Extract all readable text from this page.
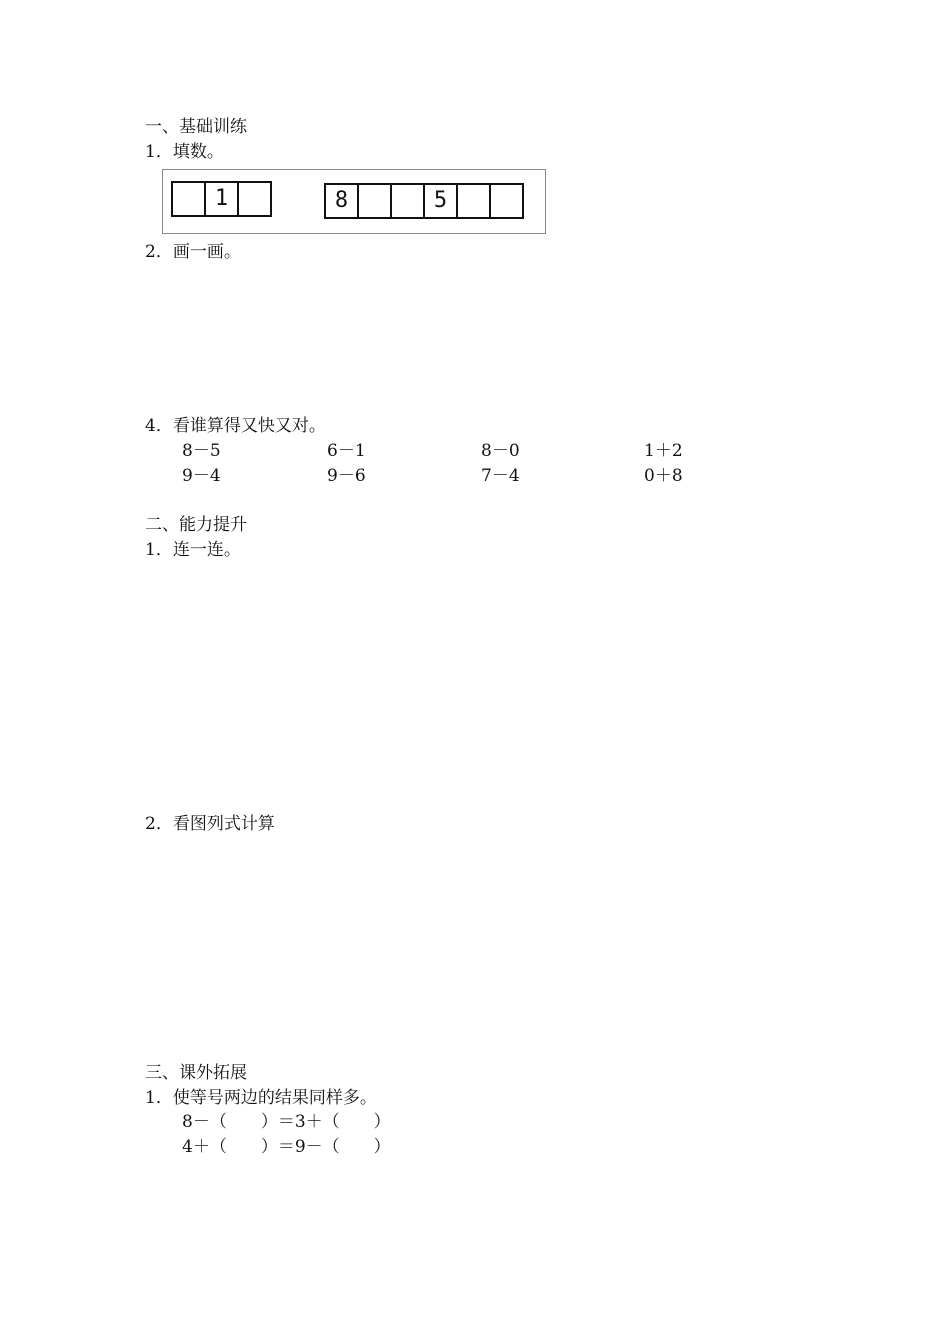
一、基础训练
1．填数。
1	8	5
2．画一画。
4．看谁算得又快又对。
8－5	6－1	8－0	1＋2
9－4	9－6	7－4	0＋8
二、能力提升
1．连一连。
2．看图列式计算
三、课外拓展
1．使等号两边的结果同样多。
8－（　　）＝3＋（　　）
4＋（　　）＝9－（　　）
